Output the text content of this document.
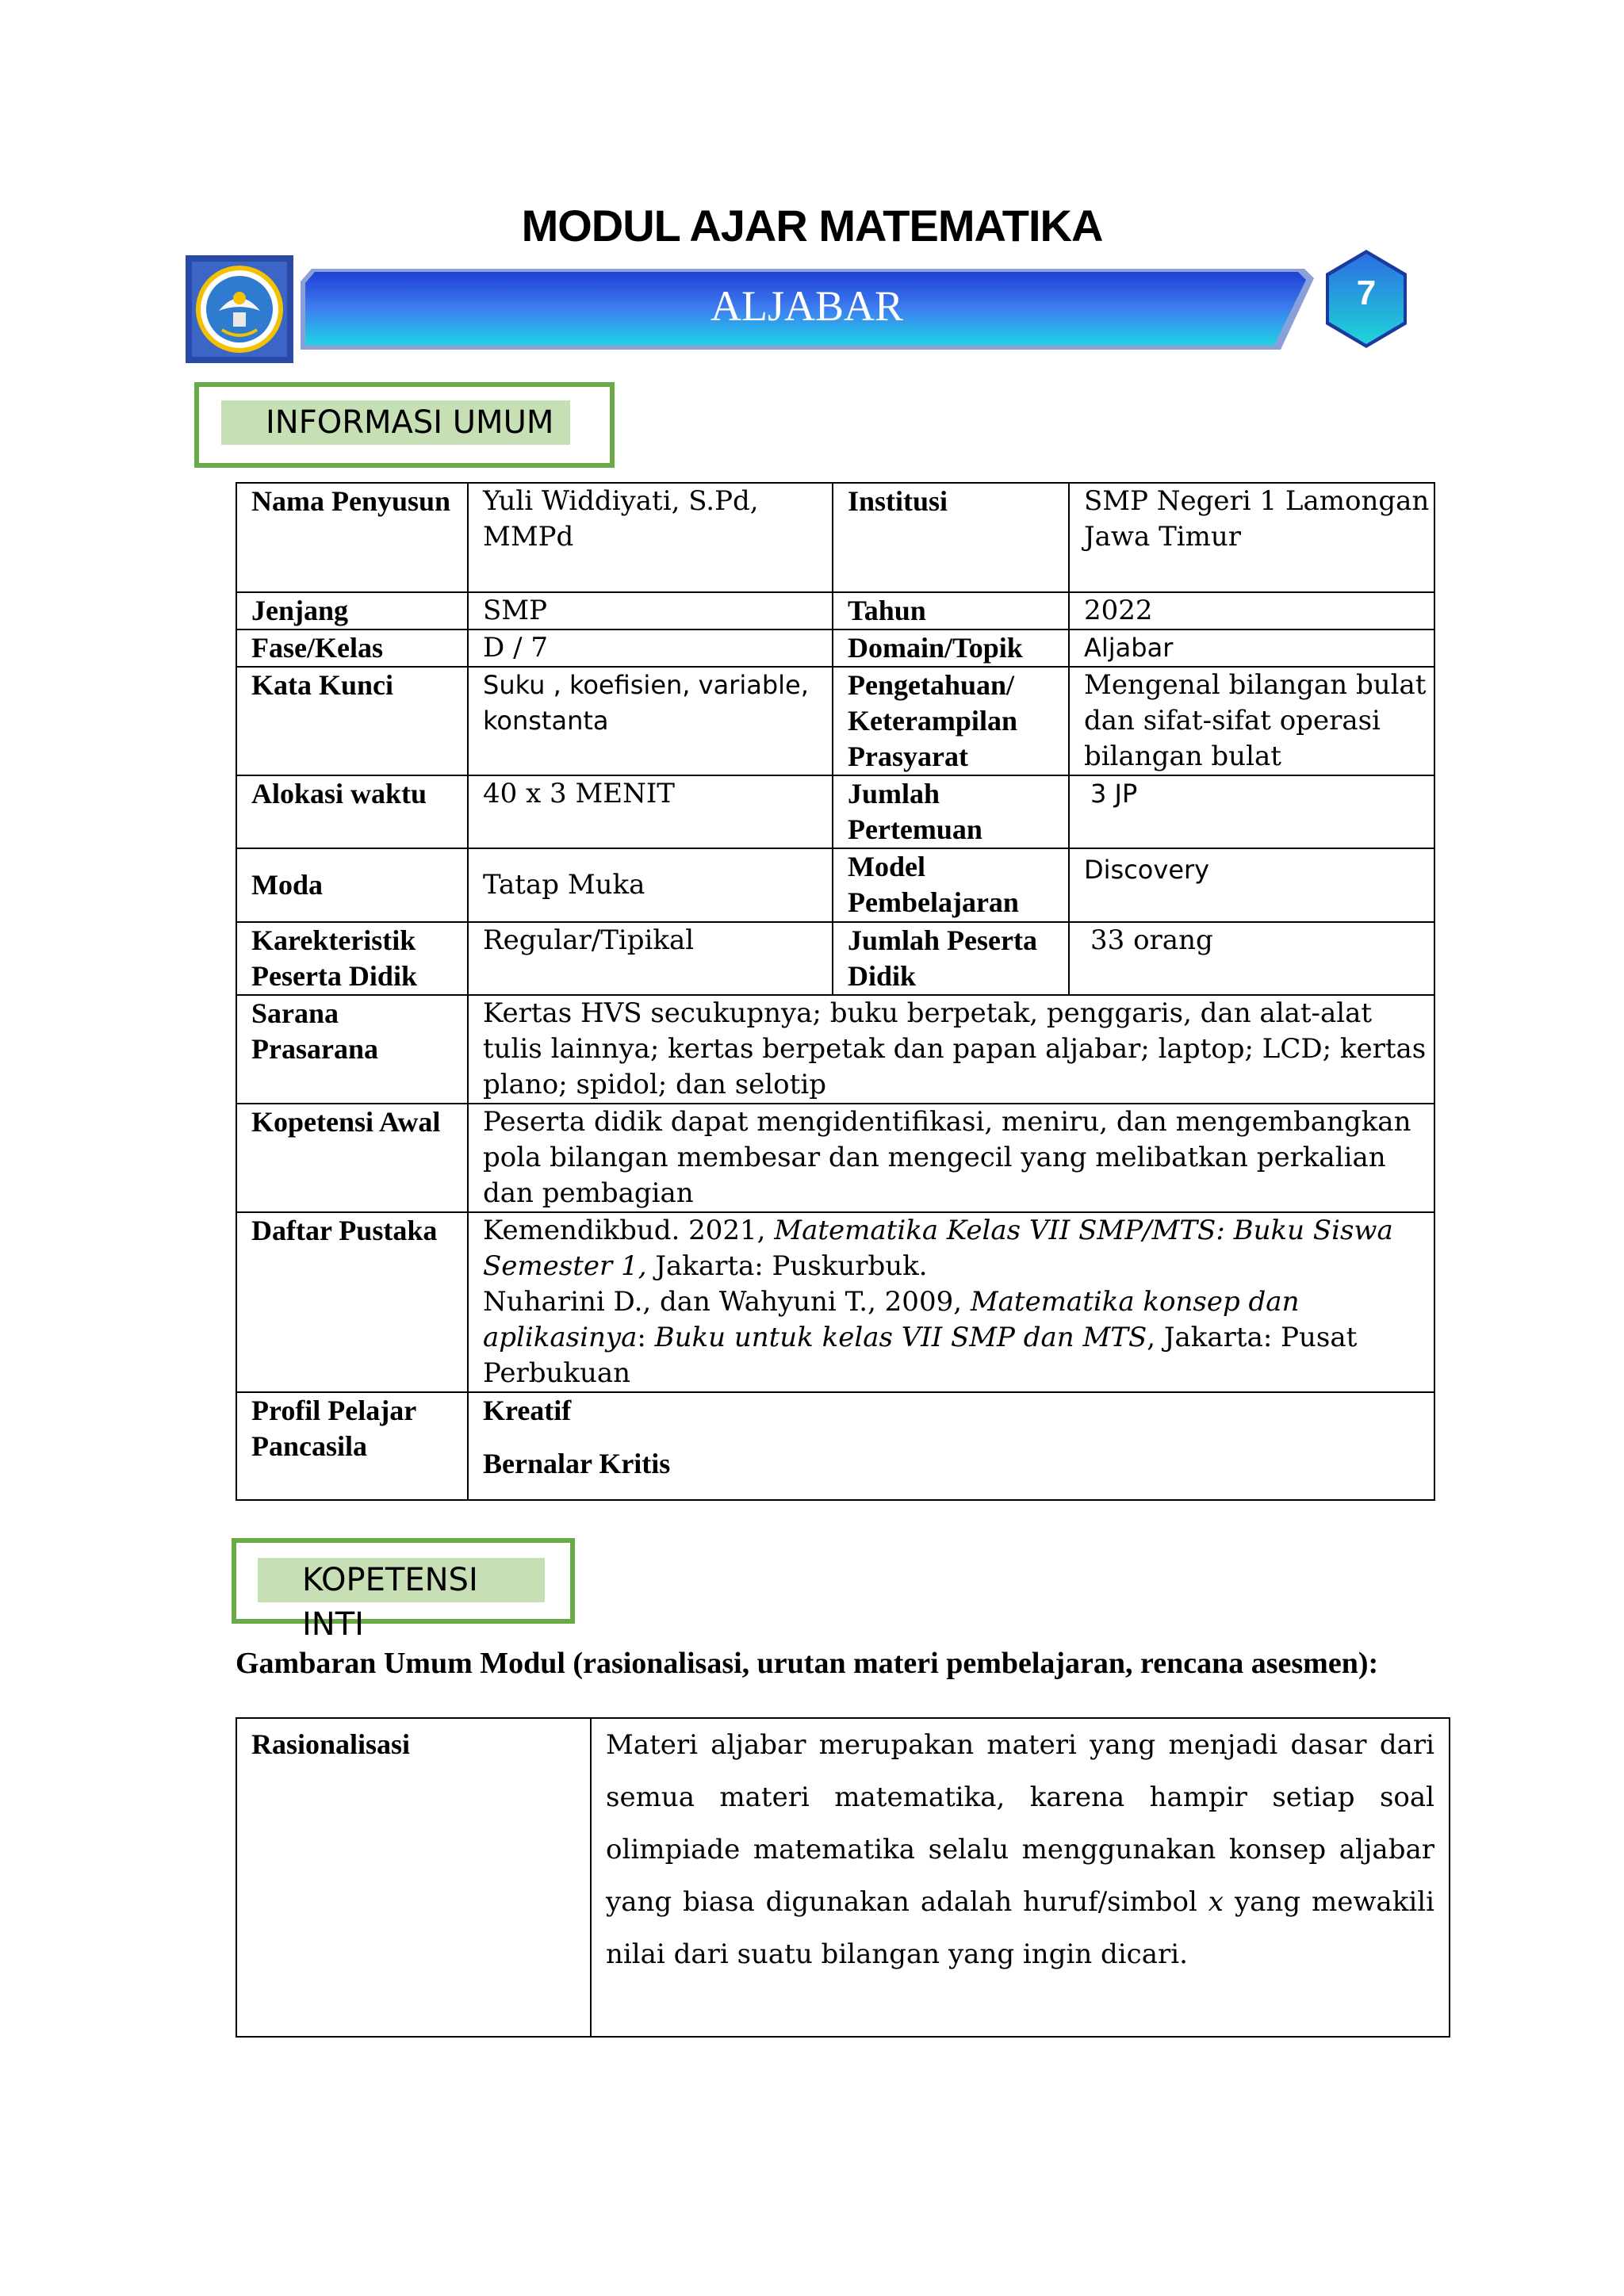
MODUL AJAR MATEMATIKA
ALJABAR	7
INFORMASI UMUM
Nama Penyusun	Yuli Widdiyati, S.Pd, MMPd	Institusi	SMP Negeri 1 Lamongan Jawa Timur
Jenjang	SMP	Tahun	2022
Fase/Kelas	D / 7	Domain/Topik	Aljabar
Kata Kunci	Suku , koefisien, variable, konstanta	Pengetahuan/ Keterampilan Prasyarat	Mengenal bilangan bulat dan sifat-sifat operasi bilangan bulat
Alokasi waktu	40 x 3 MENIT	Jumlah Pertemuan	3 JP
Moda	Tatap Muka	Model Pembelajaran	Discovery
Karekteristik Peserta Didik	Regular/Tipikal	Jumlah Peserta Didik	33 orang
Sarana Prasarana	Kertas HVS secukupnya; buku berpetak, penggaris, dan alat-alat tulis lainnya; kertas berpetak dan papan aljabar; laptop; LCD; kertas plano; spidol; dan selotip		
Kopetensi Awal	Peserta didik dapat mengidentifikasi, meniru, dan mengembangkan pola bilangan membesar dan mengecil yang melibatkan perkalian dan pembagian		
Daftar Pustaka	Kemendikbud. 2021, Matematika Kelas VII SMP/MTS: Buku Siswa Semester 1, Jakarta: Puskurbuk.
Nuharini D., dan Wahyuni T., 2009, Matematika konsep dan aplikasinya: Buku untuk kelas VII SMP dan MTS, Jakarta: Pusat Perbukuan		
Profil Pelajar Pancasila	Kreatif
Bernalar Kritis		
KOPETENSI INTI
Gambaran Umum Modul (rasionalisasi, urutan materi pembelajaran, rencana asesmen):
Rasionalisasi	Materi aljabar merupakan materi yang menjadi dasar dari semua materi matematika, karena hampir setiap soal olimpiade matematika selalu menggunakan konsep aljabar yang biasa digunakan adalah huruf/simbol x yang mewakili nilai dari suatu bilangan yang ingin dicari.
